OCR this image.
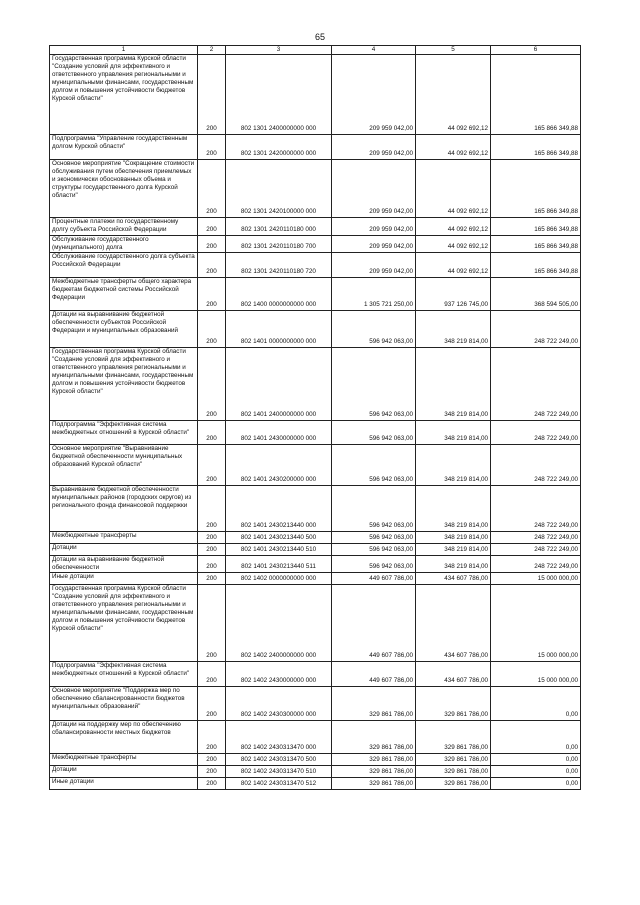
65
1	2	3	4	5	6
Государственная программа Курской области "Создание условий для эффективного и ответственного управления региональными и муниципальными финансами, государственным долгом и повышения устойчивости бюджетов Курской области"	200	802 1301 2400000000 000	209 959 042,00	44 092 692,12	165 866 349,88
Подпрограмма "Управление государственным долгом Курской области"	200	802 1301 2420000000 000	209 959 042,00	44 092 692,12	165 866 349,88
Основное мероприятие "Сокращение стоимости обслуживания путем обеспечения приемлемых и экономически обоснованных объема и структуры государственного долга Курской области"	200	802 1301 2420100000 000	209 959 042,00	44 092 692,12	165 866 349,88
Процентные платежи по государственному долгу субъекта Российской Федерации	200	802 1301 2420110180 000	209 959 042,00	44 092 692,12	165 866 349,88
Обслуживание государственного (муниципального) долга	200	802 1301 2420110180 700	209 959 042,00	44 092 692,12	165 866 349,88
Обслуживание государственного долга субъекта Российской Федерации	200	802 1301 2420110180 720	209 959 042,00	44 092 692,12	165 866 349,88
Межбюджетные трансферты общего характера бюджетам бюджетной системы Российской Федерации	200	802 1400 0000000000 000	1 305 721 250,00	937 126 745,00	368 594 505,00
Дотации на выравнивание бюджетной обеспеченности субъектов Российской Федерации и муниципальных образований	200	802 1401 0000000000 000	596 942 063,00	348 219 814,00	248 722 249,00
Государственная программа Курской области "Создание условий для эффективного и ответственного управления региональными и муниципальными финансами, государственным долгом и повышения устойчивости бюджетов Курской области"	200	802 1401 2400000000 000	596 942 063,00	348 219 814,00	248 722 249,00
Подпрограмма "Эффективная система межбюджетных отношений в Курской области"	200	802 1401 2430000000 000	596 942 063,00	348 219 814,00	248 722 249,00
Основное мероприятие "Выравнивание бюджетной обеспеченности муниципальных образований Курской области"	200	802 1401 2430200000 000	596 942 063,00	348 219 814,00	248 722 249,00
Выравнивание бюджетной обеспеченности муниципальных районов (городских округов) из регионального фонда финансовой поддержки	200	802 1401 2430213440 000	596 942 063,00	348 219 814,00	248 722 249,00
Межбюджетные трансферты	200	802 1401 2430213440 500	596 942 063,00	348 219 814,00	248 722 249,00
Дотации	200	802 1401 2430213440 510	596 942 063,00	348 219 814,00	248 722 249,00
Дотации на выравнивание бюджетной обеспеченности	200	802 1401 2430213440 511	596 942 063,00	348 219 814,00	248 722 249,00
Иные дотации	200	802 1402 0000000000 000	449 607 786,00	434 607 786,00	15 000 000,00
Государственная программа Курской области "Создание условий для эффективного и ответственного управления региональными и муниципальными финансами, государственным долгом и повышения устойчивости бюджетов Курской области"	200	802 1402 2400000000 000	449 607 786,00	434 607 786,00	15 000 000,00
Подпрограмма "Эффективная система межбюджетных отношений в Курской области"	200	802 1402 2430000000 000	449 607 786,00	434 607 786,00	15 000 000,00
Основное мероприятие "Поддержка мер по обеспечению сбалансированности бюджетов муниципальных образований"	200	802 1402 2430300000 000	329 861 786,00	329 861 786,00	0,00
Дотации на поддержку мер по обеспечению сбалансированности местных бюджетов	200	802 1402 2430313470 000	329 861 786,00	329 861 786,00	0,00
Межбюджетные трансферты	200	802 1402 2430313470 500	329 861 786,00	329 861 786,00	0,00
Дотации	200	802 1402 2430313470 510	329 861 786,00	329 861 786,00	0,00
Иные дотации	200	802 1402 2430313470 512	329 861 786,00	329 861 786,00	0,00
